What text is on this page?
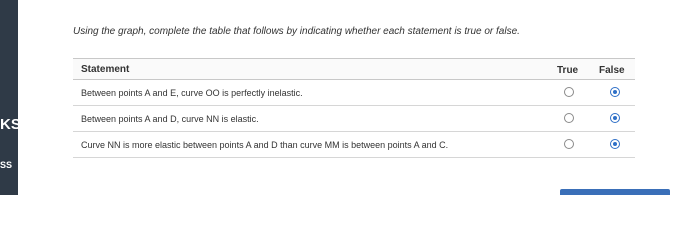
KS
SS
Using the graph, complete the table that follows by indicating whether each statement is true or false.
Statement	True False
Between points A and E, curve OO is perfectly inelastic.
Between points A and D, curve NN is elastic.
Curve NN is more elastic between points A and D than curve MM is between points A and C.
